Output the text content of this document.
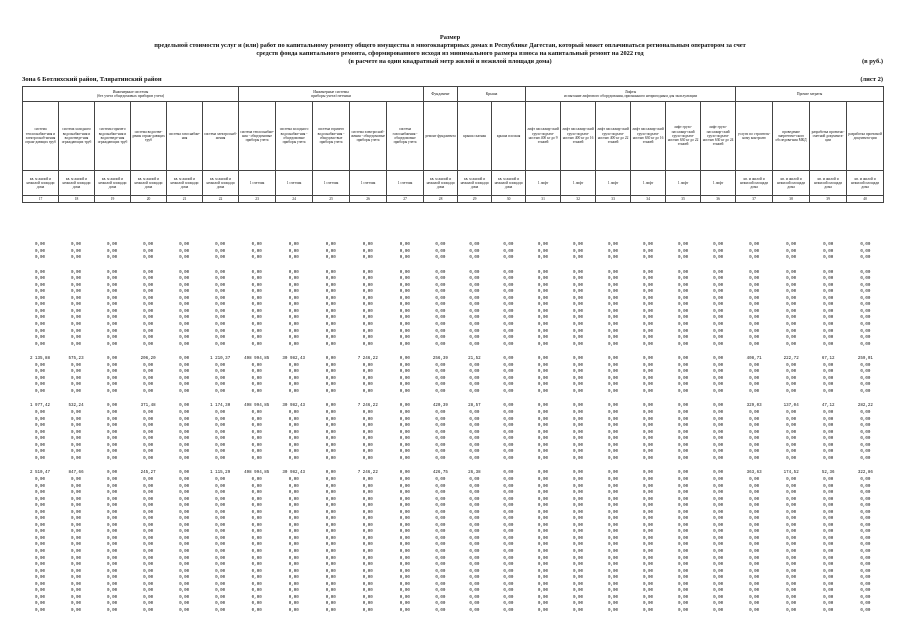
Размер
предельной стоимости услуг и (или) работ по капитальному ремонту общего имущества в многоквартирных домах в Республике Дагестан, который может оплачиваться региональным оператором за счет
средств фонда капитального ремонта, сформированного исходя из минимального размера взноса на капитальный ремонт на 2022 год
(в расчете на один квадратный метр жилой и нежилой площади дома)	(в руб.)
Зона 6 Ботлихский район, Тляратинский район	(лист 2)
Инженерные системы
(без учета общедомовых приборов учета)						Инженерные системы
приборы учета/счетчики					Фундамент	Крыша		Лифты
испытание лифтового оборудования, признанного непригодным для эксплуатации						Прочие затраты			
система теплоснабже-ния и электроснаб-жения ограж-дающих труб	система холодного водоснабже-ния и водоотведе-ния ограждающих труб	система горячего водоснабже-ния и водоотведе-ния ограждающих труб	система водоотве-дения ограж-дающих труб	система газоснабже-ния	система электроснаб-жения	система теплоснабже-ния - общедомовые приборы учета	система холодного водоснабже-ния - общедомовые приборы учета	система горячего водоснабже-ния - общедомо-вые приборы учета	система электроснаб-жения - общедомовые приборы учета	система газоснабжения - общедомовые приборы учета	ремонт фундамента	крыша скатная	крыша плоская	лифт пассажир-ский грузо-подъем-ностью 400 кг до 9 этажей	лифт пассажир-ский грузо-подъем-ностью 400 кг до 16 этажей	лифт пассажир-ский грузо-подъем-ностью 400 кг до 22 этажей	лифт пассажир-ский грузо-подъем-ностью 630 кг до 16 этажей	лифт грузо-пассажир-ский грузо-подъем-ностью 630 кг до 22 этажей	лифт грузо-пассажир-ский грузо-подъем-ностью 630 кг до 24 этажей	услуги по строитель-ному контролю	проведение энергетиче-ского обследова-ния МКД	разработка проектно-сметной документа-ции	разработка проектной документа-ции
кв. м жилой и нежилой площади дома	кв. м жилой и нежилой площади дома	кв. м жилой и нежилой площади дома	кв. м жилой и нежилой площади дома	кв. м жилой и нежилой площади дома	кв. м жилой и нежилой площади дома	1 счетчик	1 счетчик	1 счетчик	1 счетчик	1 счетчик	кв. м жилой и нежилой площади дома	кв. м жилой и нежилой площади дома	кв. м жилой и нежилой площади дома	1 лифт	1 лифт	1 лифт	1 лифт	1 лифт	1 лифт	кв. м жилой и нежилой площади дома	кв. м жилой и нежилой площади дома	кв. м жилой и нежилой площади дома	кв. м жилой и нежилой площади дома
17	18	19	20	21	22	23	24	25	26	27	28	29	30	31	32	33	34	35	36	37	38	39	40
0,00	0,00	0,00	0,00	0,00	0,00	0,00	0,00	0,00	0,00	0,00	0,00	0,00	0,00	0,00	0,00	0,00	0,00	0,00	0,00	0,00	0,00	0,00	0,00
0,00	0,00	0,00	0,00	0,00	0,00	0,00	0,00	0,00	0,00	0,00	0,00	0,00	0,00	0,00	0,00	0,00	0,00	0,00	0,00	0,00	0,00	0,00	0,00
0,00	0,00	0,00	0,00	0,00	0,00	0,00	0,00	0,00	0,00	0,00	0,00	0,00	0,00	0,00	0,00	0,00	0,00	0,00	0,00	0,00	0,00	0,00	0,00

0,00	0,00	0,00	0,00	0,00	0,00	0,00	0,00	0,00	0,00	0,00	0,00	0,00	0,00	0,00	0,00	0,00	0,00	0,00	0,00	0,00	0,00	0,00	0,00
0,00	0,00	0,00	0,00	0,00	0,00	0,00	0,00	0,00	0,00	0,00	0,00	0,00	0,00	0,00	0,00	0,00	0,00	0,00	0,00	0,00	0,00	0,00	0,00
0,00	0,00	0,00	0,00	0,00	0,00	0,00	0,00	0,00	0,00	0,00	0,00	0,00	0,00	0,00	0,00	0,00	0,00	0,00	0,00	0,00	0,00	0,00	0,00
0,00	0,00	0,00	0,00	0,00	0,00	0,00	0,00	0,00	0,00	0,00	0,00	0,00	0,00	0,00	0,00	0,00	0,00	0,00	0,00	0,00	0,00	0,00	0,00
0,00	0,00	0,00	0,00	0,00	0,00	0,00	0,00	0,00	0,00	0,00	0,00	0,00	0,00	0,00	0,00	0,00	0,00	0,00	0,00	0,00	0,00	0,00	0,00
0,00	0,00	0,00	0,00	0,00	0,00	0,00	0,00	0,00	0,00	0,00	0,00	0,00	0,00	0,00	0,00	0,00	0,00	0,00	0,00	0,00	0,00	0,00	0,00
0,00	0,00	0,00	0,00	0,00	0,00	0,00	0,00	0,00	0,00	0,00	0,00	0,00	0,00	0,00	0,00	0,00	0,00	0,00	0,00	0,00	0,00	0,00	0,00
0,00	0,00	0,00	0,00	0,00	0,00	0,00	0,00	0,00	0,00	0,00	0,00	0,00	0,00	0,00	0,00	0,00	0,00	0,00	0,00	0,00	0,00	0,00	0,00
0,00	0,00	0,00	0,00	0,00	0,00	0,00	0,00	0,00	0,00	0,00	0,00	0,00	0,00	0,00	0,00	0,00	0,00	0,00	0,00	0,00	0,00	0,00	0,00
0,00	0,00	0,00	0,00	0,00	0,00	0,00	0,00	0,00	0,00	0,00	0,00	0,00	0,00	0,00	0,00	0,00	0,00	0,00	0,00	0,00	0,00	0,00	0,00
0,00	0,00	0,00	0,00	0,00	0,00	0,00	0,00	0,00	0,00	0,00	0,00	0,00	0,00	0,00	0,00	0,00	0,00	0,00	0,00	0,00	0,00	0,00	0,00
0,00	0,00	0,00	0,00	0,00	0,00	0,00	0,00	0,00	0,00	0,00	0,00	0,00	0,00	0,00	0,00	0,00	0,00	0,00	0,00	0,00	0,00	0,00	0,00

2 135,88	575,23	0,00	206,20	0,00	1 210,37	498 994,85	30 982,43	0,00	7 246,22	0,00	256,39	21,52	0,00	0,00	0,00	0,00	0,00	0,00	0,00	408,71	222,72	67,12	259,01
0,00	0,00	0,00	0,00	0,00	0,00	0,00	0,00	0,00	0,00	0,00	0,00	0,00	0,00	0,00	0,00	0,00	0,00	0,00	0,00	0,00	0,00	0,00	0,00
0,00	0,00	0,00	0,00	0,00	0,00	0,00	0,00	0,00	0,00	0,00	0,00	0,00	0,00	0,00	0,00	0,00	0,00	0,00	0,00	0,00	0,00	0,00	0,00
0,00	0,00	0,00	0,00	0,00	0,00	0,00	0,00	0,00	0,00	0,00	0,00	0,00	0,00	0,00	0,00	0,00	0,00	0,00	0,00	0,00	0,00	0,00	0,00
0,00	0,00	0,00	0,00	0,00	0,00	0,00	0,00	0,00	0,00	0,00	0,00	0,00	0,00	0,00	0,00	0,00	0,00	0,00	0,00	0,00	0,00	0,00	0,00
0,00	0,00	0,00	0,00	0,00	0,00	0,00	0,00	0,00	0,00	0,00	0,00	0,00	0,00	0,00	0,00	0,00	0,00	0,00	0,00	0,00	0,00	0,00	0,00

1 977,42	532,24	0,00	371,48	0,00	1 174,30	498 994,85	30 982,43	0,00	7 246,22	0,00	420,39	28,57	0,00	0,00	0,00	0,00	0,00	0,00	0,00	329,03	137,04	47,12	282,22
0,00	0,00	0,00	0,00	0,00	0,00	0,00	0,00	0,00	0,00	0,00	0,00	0,00	0,00	0,00	0,00	0,00	0,00	0,00	0,00	0,00	0,00	0,00	0,00
0,00	0,00	0,00	0,00	0,00	0,00	0,00	0,00	0,00	0,00	0,00	0,00	0,00	0,00	0,00	0,00	0,00	0,00	0,00	0,00	0,00	0,00	0,00	0,00
0,00	0,00	0,00	0,00	0,00	0,00	0,00	0,00	0,00	0,00	0,00	0,00	0,00	0,00	0,00	0,00	0,00	0,00	0,00	0,00	0,00	0,00	0,00	0,00
0,00	0,00	0,00	0,00	0,00	0,00	0,00	0,00	0,00	0,00	0,00	0,00	0,00	0,00	0,00	0,00	0,00	0,00	0,00	0,00	0,00	0,00	0,00	0,00
0,00	0,00	0,00	0,00	0,00	0,00	0,00	0,00	0,00	0,00	0,00	0,00	0,00	0,00	0,00	0,00	0,00	0,00	0,00	0,00	0,00	0,00	0,00	0,00
0,00	0,00	0,00	0,00	0,00	0,00	0,00	0,00	0,00	0,00	0,00	0,00	0,00	0,00	0,00	0,00	0,00	0,00	0,00	0,00	0,00	0,00	0,00	0,00
0,00	0,00	0,00	0,00	0,00	0,00	0,00	0,00	0,00	0,00	0,00	0,00	0,00	0,00	0,00	0,00	0,00	0,00	0,00	0,00	0,00	0,00	0,00	0,00
0,00	0,00	0,00	0,00	0,00	0,00	0,00	0,00	0,00	0,00	0,00	0,00	0,00	0,00	0,00	0,00	0,00	0,00	0,00	0,00	0,00	0,00	0,00	0,00

2 510,47	847,66	0,00	245,27	0,00	1 115,29	498 994,85	30 982,43	0,00	7 246,22	0,00	426,75	26,38	0,00	0,00	0,00	0,00	0,00	0,00	0,00	363,63	174,52	52,36	322,86
0,00	0,00	0,00	0,00	0,00	0,00	0,00	0,00	0,00	0,00	0,00	0,00	0,00	0,00	0,00	0,00	0,00	0,00	0,00	0,00	0,00	0,00	0,00	0,00
0,00	0,00	0,00	0,00	0,00	0,00	0,00	0,00	0,00	0,00	0,00	0,00	0,00	0,00	0,00	0,00	0,00	0,00	0,00	0,00	0,00	0,00	0,00	0,00
0,00	0,00	0,00	0,00	0,00	0,00	0,00	0,00	0,00	0,00	0,00	0,00	0,00	0,00	0,00	0,00	0,00	0,00	0,00	0,00	0,00	0,00	0,00	0,00
0,00	0,00	0,00	0,00	0,00	0,00	0,00	0,00	0,00	0,00	0,00	0,00	0,00	0,00	0,00	0,00	0,00	0,00	0,00	0,00	0,00	0,00	0,00	0,00
0,00	0,00	0,00	0,00	0,00	0,00	0,00	0,00	0,00	0,00	0,00	0,00	0,00	0,00	0,00	0,00	0,00	0,00	0,00	0,00	0,00	0,00	0,00	0,00
0,00	0,00	0,00	0,00	0,00	0,00	0,00	0,00	0,00	0,00	0,00	0,00	0,00	0,00	0,00	0,00	0,00	0,00	0,00	0,00	0,00	0,00	0,00	0,00
0,00	0,00	0,00	0,00	0,00	0,00	0,00	0,00	0,00	0,00	0,00	0,00	0,00	0,00	0,00	0,00	0,00	0,00	0,00	0,00	0,00	0,00	0,00	0,00
0,00	0,00	0,00	0,00	0,00	0,00	0,00	0,00	0,00	0,00	0,00	0,00	0,00	0,00	0,00	0,00	0,00	0,00	0,00	0,00	0,00	0,00	0,00	0,00
0,00	0,00	0,00	0,00	0,00	0,00	0,00	0,00	0,00	0,00	0,00	0,00	0,00	0,00	0,00	0,00	0,00	0,00	0,00	0,00	0,00	0,00	0,00	0,00
0,00	0,00	0,00	0,00	0,00	0,00	0,00	0,00	0,00	0,00	0,00	0,00	0,00	0,00	0,00	0,00	0,00	0,00	0,00	0,00	0,00	0,00	0,00	0,00
0,00	0,00	0,00	0,00	0,00	0,00	0,00	0,00	0,00	0,00	0,00	0,00	0,00	0,00	0,00	0,00	0,00	0,00	0,00	0,00	0,00	0,00	0,00	0,00
0,00	0,00	0,00	0,00	0,00	0,00	0,00	0,00	0,00	0,00	0,00	0,00	0,00	0,00	0,00	0,00	0,00	0,00	0,00	0,00	0,00	0,00	0,00	0,00
0,00	0,00	0,00	0,00	0,00	0,00	0,00	0,00	0,00	0,00	0,00	0,00	0,00	0,00	0,00	0,00	0,00	0,00	0,00	0,00	0,00	0,00	0,00	0,00
0,00	0,00	0,00	0,00	0,00	0,00	0,00	0,00	0,00	0,00	0,00	0,00	0,00	0,00	0,00	0,00	0,00	0,00	0,00	0,00	0,00	0,00	0,00	0,00
0,00	0,00	0,00	0,00	0,00	0,00	0,00	0,00	0,00	0,00	0,00	0,00	0,00	0,00	0,00	0,00	0,00	0,00	0,00	0,00	0,00	0,00	0,00	0,00
0,00	0,00	0,00	0,00	0,00	0,00	0,00	0,00	0,00	0,00	0,00	0,00	0,00	0,00	0,00	0,00	0,00	0,00	0,00	0,00	0,00	0,00	0,00	0,00
0,00	0,00	0,00	0,00	0,00	0,00	0,00	0,00	0,00	0,00	0,00	0,00	0,00	0,00	0,00	0,00	0,00	0,00	0,00	0,00	0,00	0,00	0,00	0,00
0,00	0,00	0,00	0,00	0,00	0,00	0,00	0,00	0,00	0,00	0,00	0,00	0,00	0,00	0,00	0,00	0,00	0,00	0,00	0,00	0,00	0,00	0,00	0,00
0,00	0,00	0,00	0,00	0,00	0,00	0,00	0,00	0,00	0,00	0,00	0,00	0,00	0,00	0,00	0,00	0,00	0,00	0,00	0,00	0,00	0,00	0,00	0,00
0,00	0,00	0,00	0,00	0,00	0,00	0,00	0,00	0,00	0,00	0,00	0,00	0,00	0,00	0,00	0,00	0,00	0,00	0,00	0,00	0,00	0,00	0,00	0,00
0,00	0,00	0,00	0,00	0,00	0,00	0,00	0,00	0,00	0,00	0,00	0,00	0,00	0,00	0,00	0,00	0,00	0,00	0,00	0,00	0,00	0,00	0,00	0,00
